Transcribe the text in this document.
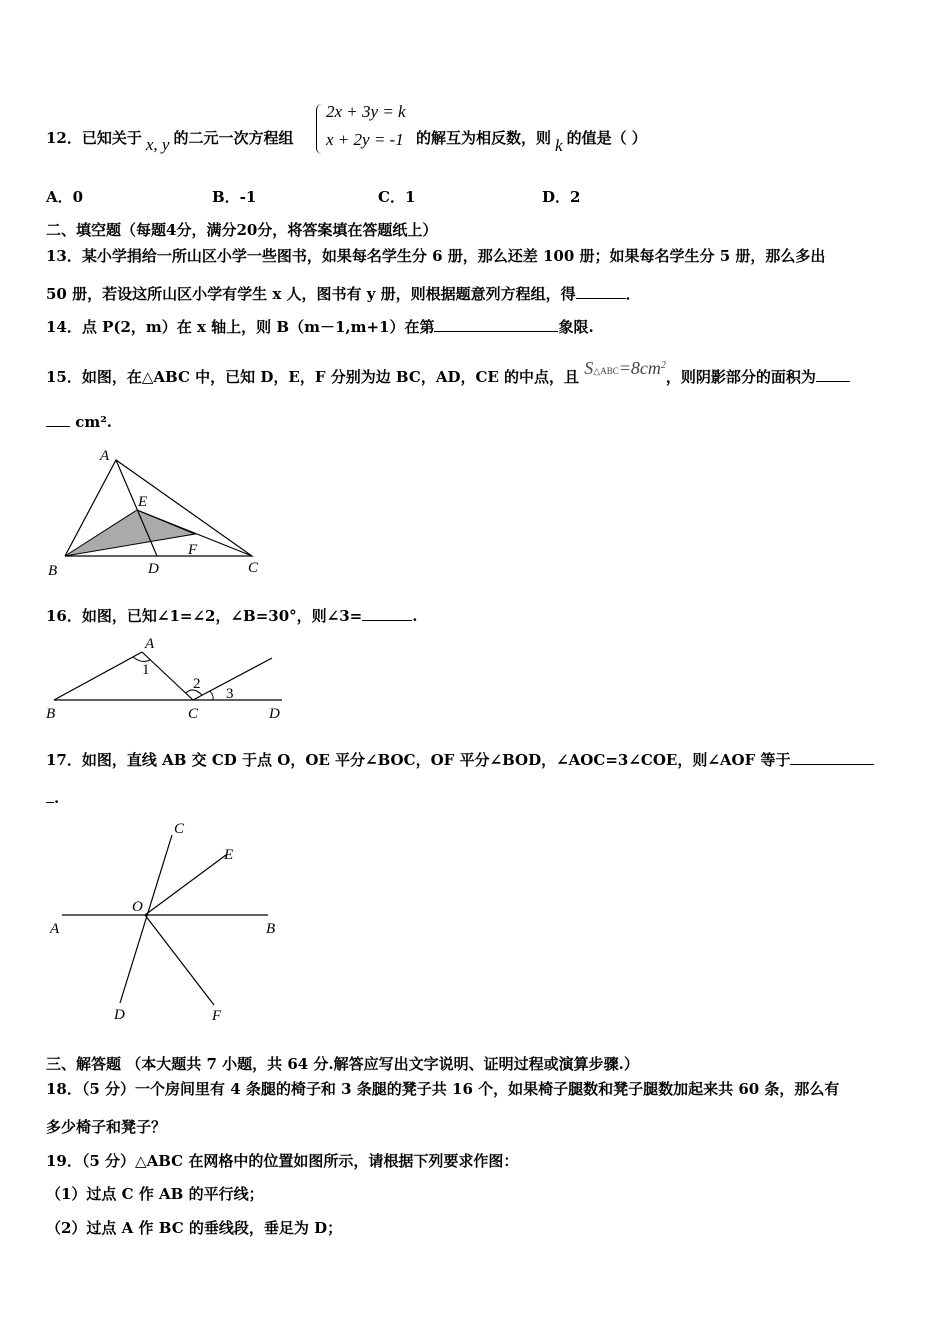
12．已知关于 x, y 的二元一次方程组
2x + 3y = k
x + 2y = -1 的解互为相反数，则 k 的值是（ ）
A．0	B．-1	C．1	D．2
二、填空题（每题4分，满分20分，将答案填在答题纸上）
13．某小学捐给一所山区小学一些图书，如果每名学生分 6 册，那么还差 100 册；如果每名学生分 5 册，那么多出
50 册，若设这所山区小学有学生 x 人，图书有 y 册，则根据题意列方程组，得	．
14．点 P(2，m）在 x 轴上，则 B（m－1,m+1）在第	象限.
15．如图，在△ABC 中，已知 D，E，F 分别为边 BC，AD，CE 的中点，且 $S\triangle ABC=8cm^2$，则阴影部分的面积为
cm².
A
E
F
B	D	C
16．如图，已知∠1=∠2，∠B=30°，则∠3=	.
A
1
2
3
B	C	D
17．如图，直线 AB 交 CD 于点 O，OE 平分∠BOC，OF 平分∠BOD，∠AOC=3∠COE，则∠AOF 等于
.
C
E
O
A	B
D	F
三、解答题 （本大题共 7 小题，共 64 分.解答应写出文字说明、证明过程或演算步骤.）
18．（5 分）一个房间里有 4 条腿的椅子和 3 条腿的凳子共 16 个，如果椅子腿数和凳子腿数加起来共 60 条，那么有
多少椅子和凳子？
19．（5 分）△ABC 在网格中的位置如图所示，请根据下列要求作图：
（1）过点 C 作 AB 的平行线；
（2）过点 A 作 BC 的垂线段，垂足为 D；
